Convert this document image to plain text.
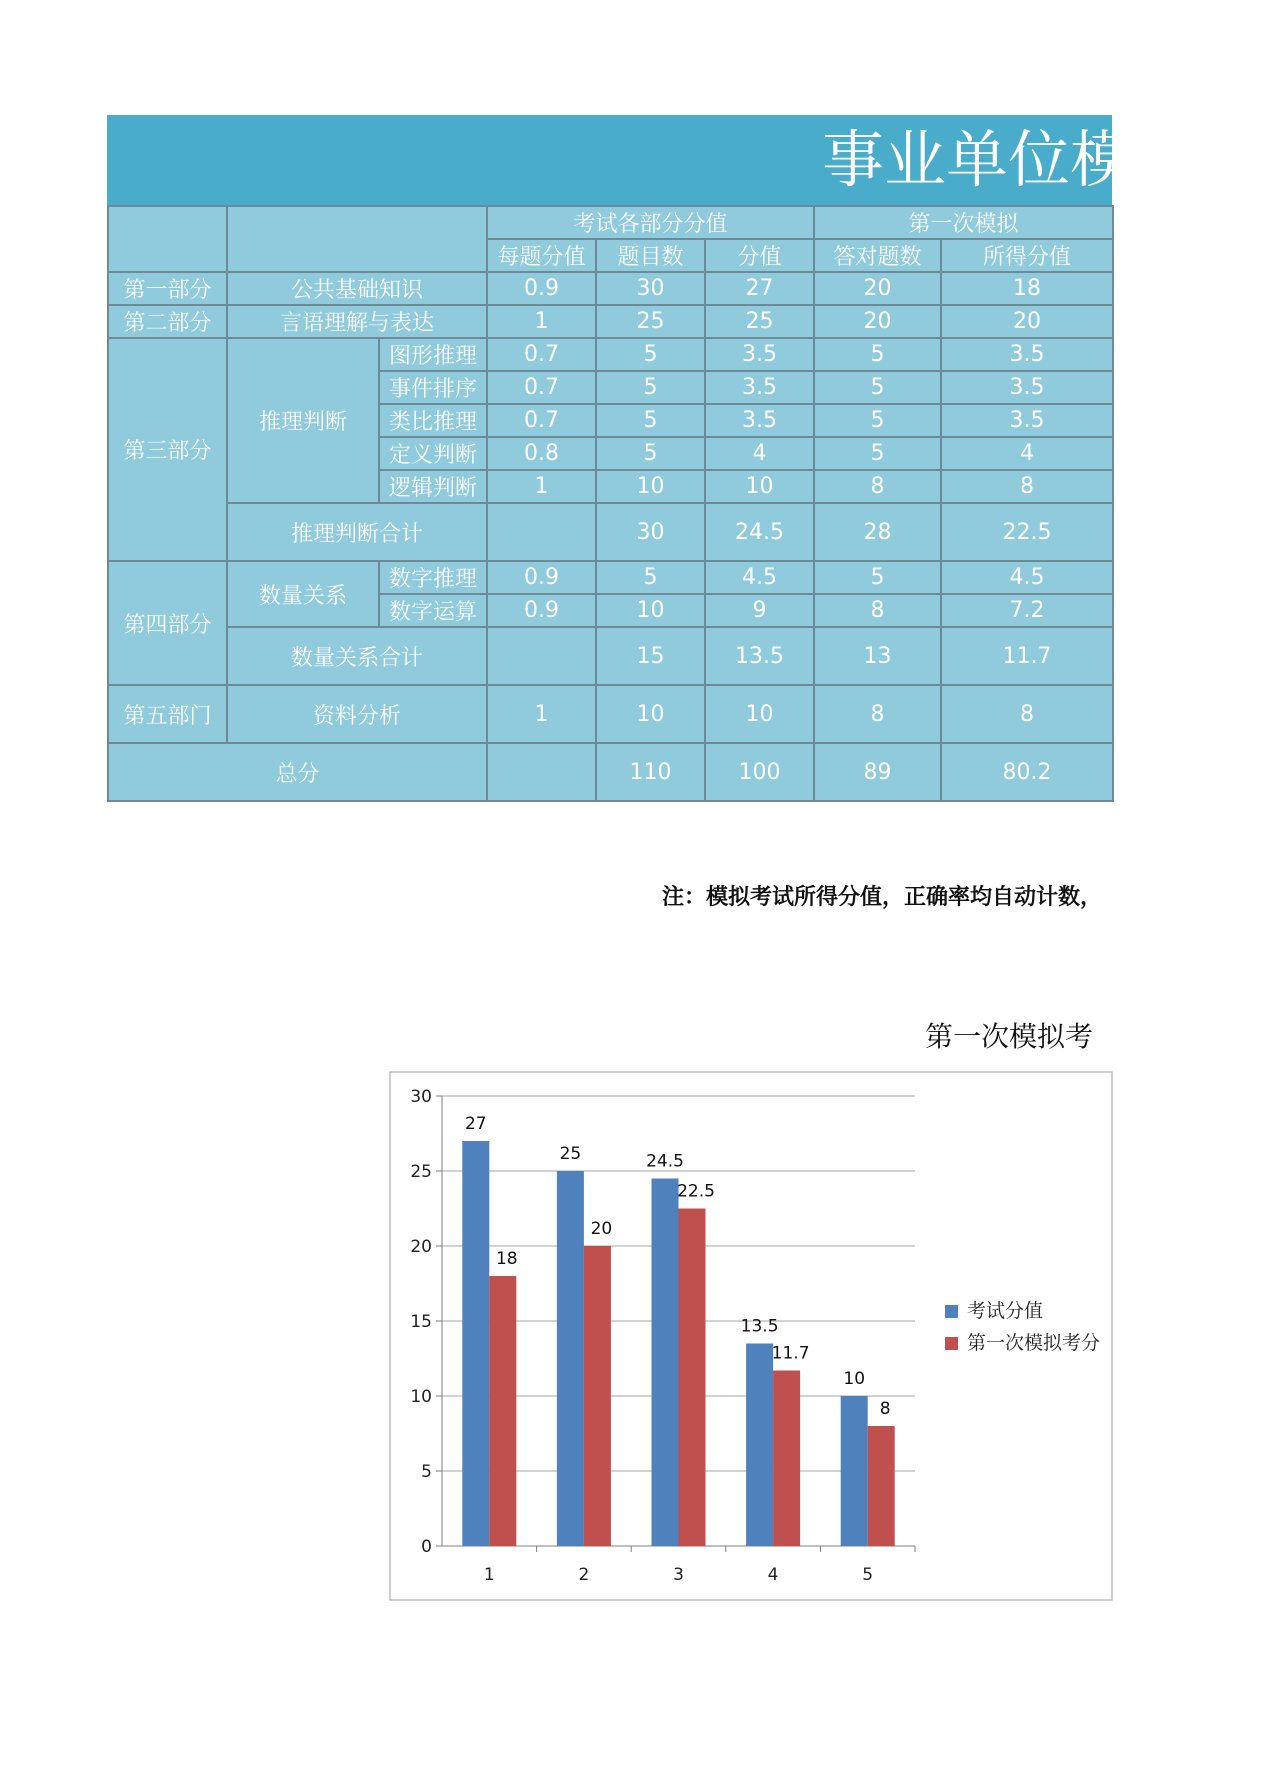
事业单位模拟
			考试各部分分值			第一次模拟	
			每题分值	题目数	分值	答对题数	所得分值
第一部分	公共基础知识		0.9	30	27	20	18
第二部分	言语理解与表达		1	25	25	20	20
第三部分	推理判断	图形推理	0.7	5	3.5	5	3.5
		事件排序	0.7	5	3.5	5	3.5
		类比推理	0.7	5	3.5	5	3.5
		定义判断	0.8	5	4	5	4
		逻辑判断	1	10	10	8	8
	推理判断合计			30	24.5	28	22.5
第四部分	数量关系	数字推理	0.9	5	4.5	5	4.5
		数字运算	0.9	10	9	8	7.2
	数量关系合计			15	13.5	13	11.7
第五部门	资料分析		1	10	10	8	8
总分				110	100	89	80.2
注：模拟考试所得分值，正确率均自动计数，
第一次模拟考
0
5
10
15
20
25
30
1
27
18
2
25
20
3
24.5
22.5
4
13.5
11.7
5
10
8
考试分值
第一次模拟考分
